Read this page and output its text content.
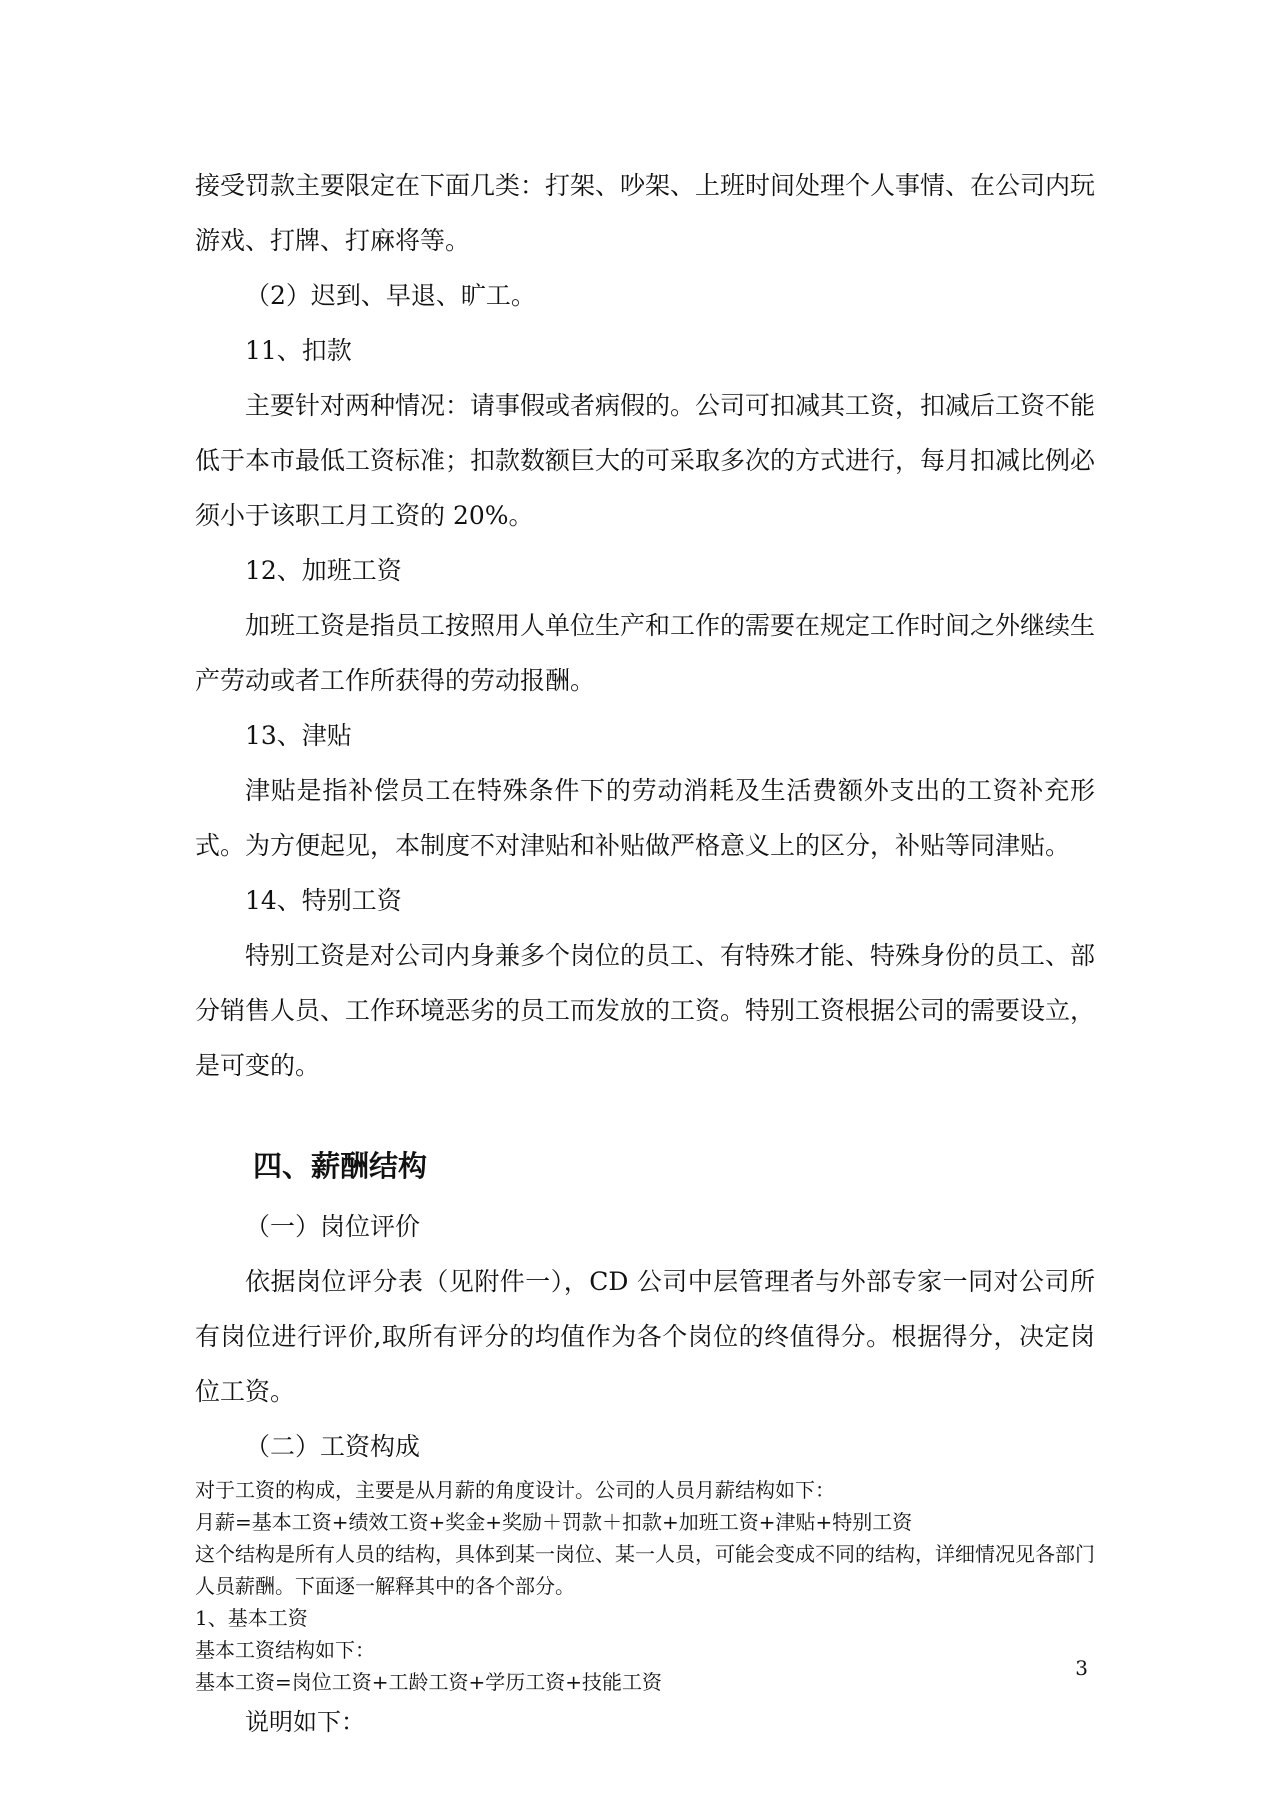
接受罚款主要限定在下面几类：打架、吵架、上班时间处理个人事情、在公司内玩游戏、打牌、打麻将等。

（2）迟到、早退、旷工。

11、扣款

主要针对两种情况：请事假或者病假的。公司可扣减其工资，扣减后工资不能低于本市最低工资标准；扣款数额巨大的可采取多次的方式进行，每月扣减比例必须小于该职工月工资的 20%。

12、加班工资

加班工资是指员工按照用人单位生产和工作的需要在规定工作时间之外继续生产劳动或者工作所获得的劳动报酬。

13、津贴

津贴是指补偿员工在特殊条件下的劳动消耗及生活费额外支出的工资补充形式。为方便起见，本制度不对津贴和补贴做严格意义上的区分，补贴等同津贴。

14、特别工资

特别工资是对公司内身兼多个岗位的员工、有特殊才能、特殊身份的员工、部分销售人员、工作环境恶劣的员工而发放的工资。特别工资根据公司的需要设立，是可变的。

四、薪酬结构

（一）岗位评价

依据岗位评分表（见附件一），CD 公司中层管理者与外部专家一同对公司所有岗位进行评价,取所有评分的均值作为各个岗位的终值得分。根据得分，决定岗位工资。

（二）工资构成

对于工资的构成，主要是从月薪的角度设计。公司的人员月薪结构如下：

月薪=基本工资+绩效工资+奖金+奖励＋罚款＋扣款+加班工资+津贴+特别工资

这个结构是所有人员的结构，具体到某一岗位、某一人员，可能会变成不同的结构，详细情况见各部门人员薪酬。下面逐一解释其中的各个部分。

1、基本工资

基本工资结构如下：

基本工资=岗位工资+工龄工资+学历工资+技能工资

说明如下：

3
